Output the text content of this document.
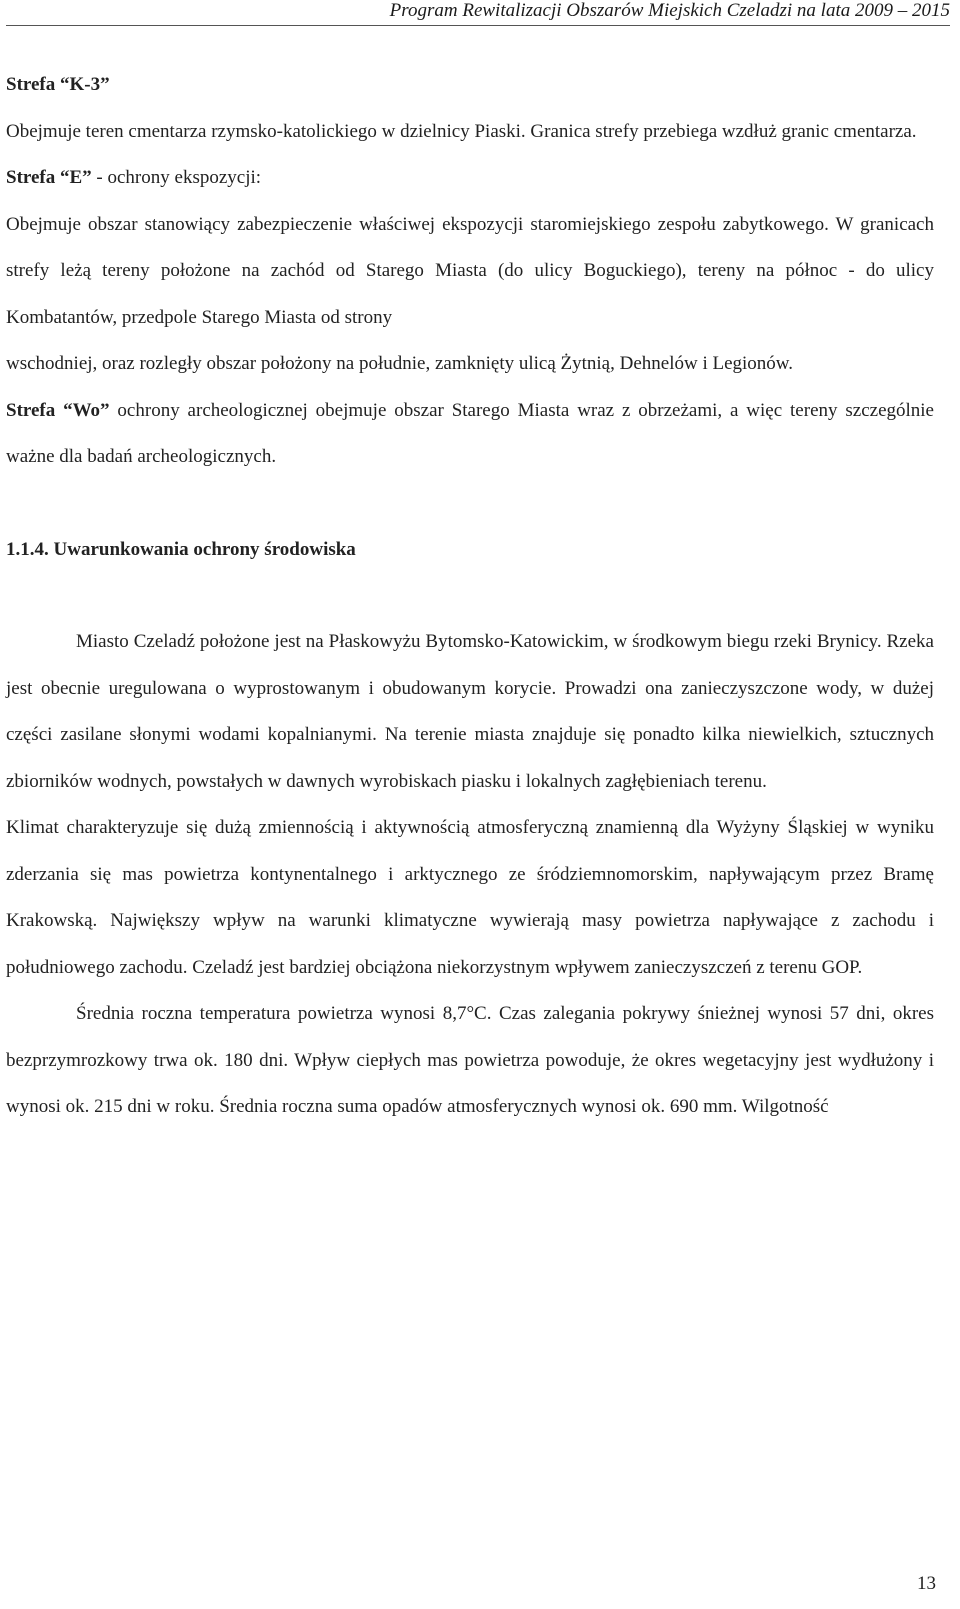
Program Rewitalizacji Obszarów Miejskich Czeladzi na lata 2009 – 2015

Strefa “K-3”

Obejmuje teren cmentarza rzymsko-katolickiego w dzielnicy Piaski. Granica strefy przebiega wzdłuż granic cmentarza.

Strefa “E” - ochrony ekspozycji:

Obejmuje obszar stanowiący zabezpieczenie właściwej ekspozycji staromiejskiego zespołu zabytkowego. W granicach strefy leżą tereny położone na zachód od Starego Miasta (do ulicy Boguckiego), tereny na północ - do ulicy Kombatantów, przedpole Starego Miasta od strony

wschodniej, oraz rozległy obszar położony na południe, zamknięty ulicą Żytnią, Dehnelów i Legionów.

Strefa “Wo” ochrony archeologicznej obejmuje obszar Starego Miasta wraz z obrzeżami, a więc tereny szczególnie ważne dla badań archeologicznych.

1.1.4. Uwarunkowania ochrony środowiska

Miasto Czeladź położone jest na Płaskowyżu Bytomsko-Katowickim, w środkowym biegu rzeki Brynicy. Rzeka jest obecnie uregulowana o wyprostowanym i obudowanym korycie. Prowadzi ona zanieczyszczone wody, w dużej części zasilane słonymi wodami kopalnianymi. Na terenie miasta znajduje się ponadto kilka niewielkich, sztucznych zbiorników wodnych, powstałych w dawnych wyrobiskach piasku i lokalnych zagłębieniach terenu.

Klimat charakteryzuje się dużą zmiennością i aktywnością atmosferyczną znamienną dla Wyżyny Śląskiej w wyniku zderzania się mas powietrza kontynentalnego i arktycznego ze śródziemnomorskim, napływającym przez Bramę Krakowską. Największy wpływ na warunki klimatyczne wywierają masy powietrza napływające z zachodu i południowego zachodu. Czeladź jest bardziej obciążona niekorzystnym wpływem zanieczyszczeń z terenu GOP.

Średnia roczna temperatura powietrza wynosi 8,7°C. Czas zalegania pokrywy śnieżnej wynosi 57 dni, okres bezprzymrozkowy trwa ok. 180 dni. Wpływ ciepłych mas powietrza powoduje, że okres wegetacyjny jest wydłużony i wynosi ok. 215 dni w roku. Średnia roczna suma opadów atmosferycznych wynosi ok. 690 mm. Wilgotność

13
